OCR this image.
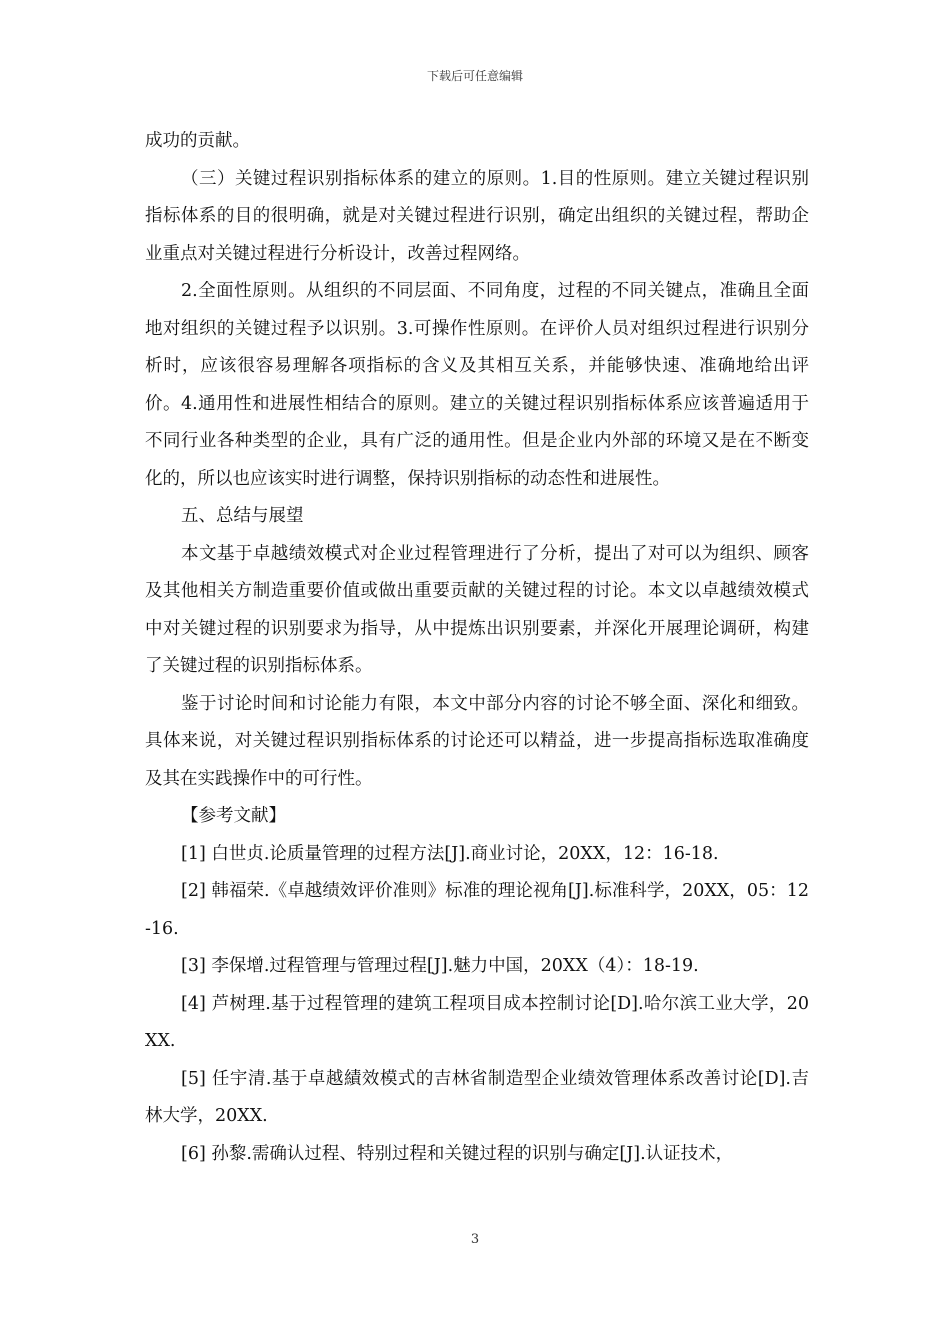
下载后可任意编辑

成功的贡献。

（三）关键过程识别指标体系的建立的原则。1.目的性原则。建立关键过程识别指标体系的目的很明确，就是对关键过程进行识别，确定出组织的关键过程，帮助企业重点对关键过程进行分析设计，改善过程网络。

2.全面性原则。从组织的不同层面、不同角度，过程的不同关键点，准确且全面地对组织的关键过程予以识别。3.可操作性原则。在评价人员对组织过程进行识别分析时，应该很容易理解各项指标的含义及其相互关系，并能够快速、准确地给出评价。4.通用性和进展性相结合的原则。建立的关键过程识别指标体系应该普遍适用于不同行业各种类型的企业，具有广泛的通用性。但是企业内外部的环境又是在不断变化的，所以也应该实时进行调整，保持识别指标的动态性和进展性。

五、总结与展望

本文基于卓越绩效模式对企业过程管理进行了分析，提出了对可以为组织、顾客及其他相关方制造重要价值或做出重要贡献的关键过程的讨论。本文以卓越绩效模式中对关键过程的识别要求为指导，从中提炼出识别要素，并深化开展理论调研，构建了关键过程的识别指标体系。

鉴于讨论时间和讨论能力有限，本文中部分内容的讨论不够全面、深化和细致。具体来说，对关键过程识别指标体系的讨论还可以精益，进一步提高指标选取准确度及其在实践操作中的可行性。

【参考文献】

[1] 白世贞.论质量管理的过程方法[J].商业讨论，20XX，12：16-18.

[2] 韩福荣.《卓越绩效评价准则》标准的理论视角[J].标准科学，20XX，05：12-16.

[3] 李保增.过程管理与管理过程[J].魅力中国，20XX（4）：18-19.

[4] 芦树理.基于过程管理的建筑工程项目成本控制讨论[D].哈尔滨工业大学，20XX.

[5] 任宇清.基于卓越績效模式的吉林省制造型企业绩效管理体系改善讨论[D].吉林大学，20XX.

[6] 孙黎.需确认过程、特别过程和关键过程的识别与确定[J].认证技术，

3
